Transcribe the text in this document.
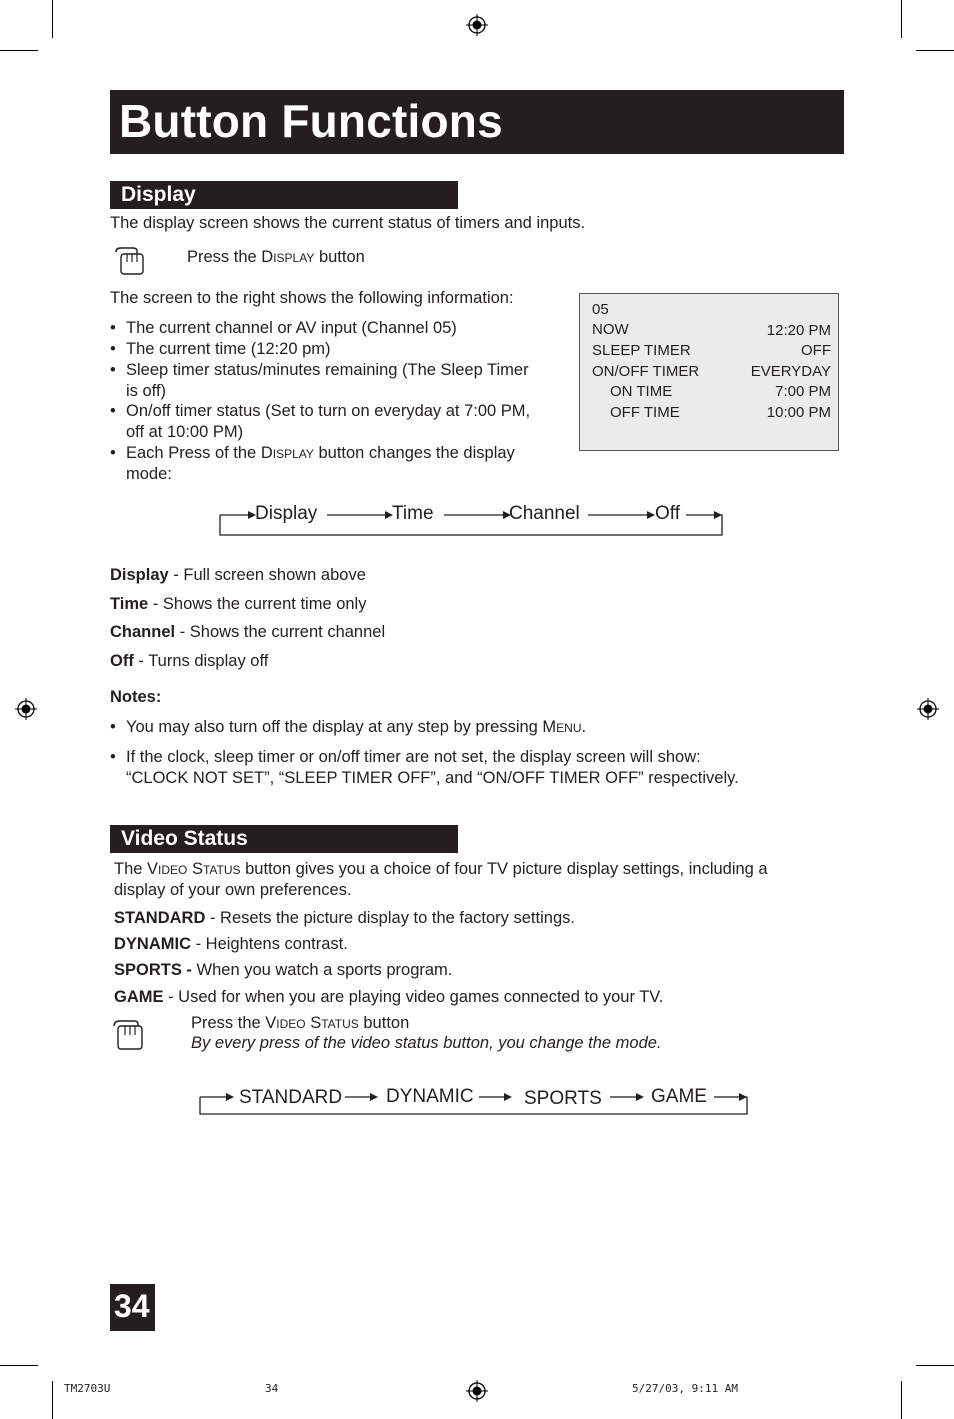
Button Functions
Display
The display screen shows the current status of timers and inputs.
Press the Display button
The screen to the right shows the following information:
• The current channel or AV input (Channel 05)
• The current time (12:20 pm)
• Sleep timer status/minutes remaining (The Sleep Timer
is off)
• On/off timer status (Set to turn on everyday at 7:00 PM,
off at 10:00 PM)
• Each Press of the Display button changes the display
mode:
05
NOW	12:20 PM
SLEEP TIMER	OFF
ON/OFF TIMER	EVERYDAY
ON TIME	7:00 PM
OFF TIME	10:00 PM
Display	Time	Channel	Off
Display - Full screen shown above
Time - Shows the current time only
Channel - Shows the current channel
Off - Turns display off
Notes:
• You may also turn off the display at any step by pressing Menu.
• If the clock, sleep timer or on/off timer are not set, the display screen will show:
“CLOCK NOT SET”, “SLEEP TIMER OFF”, and “ON/OFF TIMER OFF” respectively.
Video Status
The Video Status button gives you a choice of four TV picture display settings, including a
display of your own preferences.
STANDARD - Resets the picture display to the factory settings.
DYNAMIC - Heightens contrast.
SPORTS - When you watch a sports program.
GAME - Used for when you are playing video games connected to your TV.
Press the Video Status button
By every press of the video status button, you change the mode.
STANDARD DYNAMIC	SPORTS	GAME
34
TM2703U	34	5/27/03, 9:11 AM
